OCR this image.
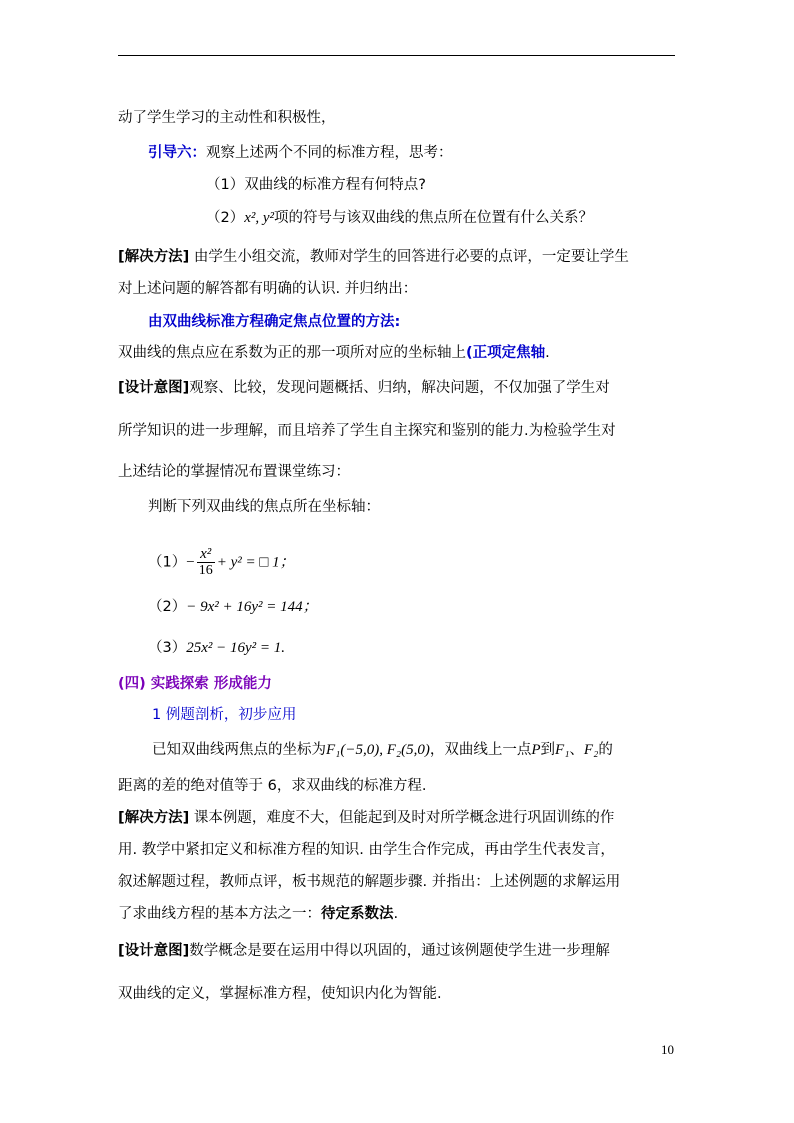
动了学生学习的主动性和积极性，
引导六：观察上述两个不同的标准方程，思考：
（1）双曲线的标准方程有何特点?
（2）x², y²项的符号与该双曲线的焦点所在位置有什么关系？
[解决方法] 由学生小组交流，教师对学生的回答进行必要的点评，一定要让学生
对上述问题的解答都有明确的认识. 并归纳出：
由双曲线标准方程确定焦点位置的方法:
双曲线的焦点应在系数为正的那一项所对应的坐标轴上(正项定焦轴.
[设计意图]观察、比较，发现问题概括、归纳，解决问题，不仅加强了学生对
所学知识的进一步理解，而且培养了学生自主探究和鉴别的能力.为检验学生对
上述结论的掌握情况布置课堂练习：
判断下列双曲线的焦点所在坐标轴：
$(1)- \frac{\text{x²}}{16} + y^2$ = □ 1；
（2）− 9x² + 16y² = 144；
（3）25x² − 16y² = 1.
(四) 实践探索 形成能力
1 例题剖析，初步应用
已知双曲线两焦点的坐标为F₁(−5,0), F₂(5,0)，双曲线上一点P到F₁、F₂的
距离的差的绝对值等于 6，求双曲线的标准方程.
[解决方法] 课本例题，难度不大，但能起到及时对所学概念进行巩固训练的作
用. 教学中紧扣定义和标准方程的知识. 由学生合作完成，再由学生代表发言，
叙述解题过程，教师点评，板书规范的解题步骤. 并指出：上述例题的求解运用
了求曲线方程的基本方法之一：待定系数法.
[设计意图]数学概念是要在运用中得以巩固的，通过该例题使学生进一步理解
双曲线的定义，掌握标准方程，使知识内化为智能.
10
